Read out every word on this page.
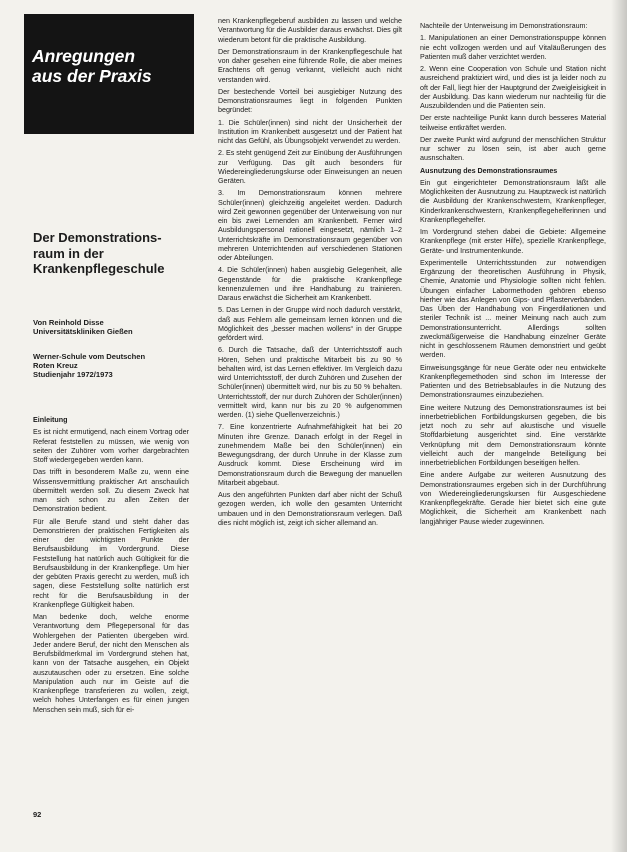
Anregungen
aus der Praxis
Der Demonstrations-
raum in der
Krankenpflegeschule
Von Reinhold Disse
Universitätskliniken Gießen
Werner-Schule vom Deutschen
Roten Kreuz
Studienjahr 1972/1973

Einleitung

Es ist nicht ermutigend, nach einem Vortrag oder Referat feststellen zu müssen, wie wenig von seiten der Zuhörer vom vorher dargebrachten Stoff wiedergegeben werden kann.

Das trifft in besonderem Maße zu, wenn eine Wissensvermittlung praktischer Art anschaulich übermittelt werden soll. Zu diesem Zweck hat man sich schon zu allen Zeiten der Demonstration bedient.

Für alle Berufe stand und steht daher das Demonstrieren der praktischen Fertigkeiten als einer der wichtigsten Punkte der Berufsausbildung im Vordergrund. Diese Feststellung hat natürlich auch Gültigkeit für die Berufsausbildung in der Krankenpflege. Um hier der gebüten Praxis gerecht zu werden, muß ich sagen, diese Feststellung sollte natürlich erst recht für die Berufsausbildung in der Krankenpflege Gültigkeit haben.

Man bedenke doch, welche enorme Verantwortung dem Pflegepersonal für das Wohlergehen der Patienten übergeben wird. Jeder andere Beruf, der nicht den Menschen als Berufsbildmerkmal im Vordergrund stehen hat, kann von der Tatsache ausgehen, ein Objekt auszutauschen oder zu ersetzen. Eine solche Manipulation auch nur im Geiste auf die Krankenpflege transferieren zu wollen, zeigt, welch hohes Unterfangen es für einen jungen Menschen sein muß, sich für ei-

nen Krankenpflegeberuf ausbilden zu lassen und welche Verantwortung für die Ausbilder daraus erwächst. Dies gilt wiederum betont für die praktische Ausbildung.

Der Demonstrationsraum in der Krankenpflegeschule hat von daher gesehen eine führende Rolle, die aber meines Erachtens oft genug verkannt, vielleicht auch nicht verstanden wird.

Der bestechende Vorteil bei ausgiebiger Nutzung des Demonstrationsraumes liegt in folgenden Punkten begründet:

1. Die Schüler(innen) sind nicht der Unsicherheit der Institution im Krankenbett ausgesetzt und der Patient hat nicht das Gefühl, als Übungsobjekt verwendet zu werden.

2. Es steht genügend Zeit zur Einübung der Ausführungen zur Verfügung. Das gilt auch besonders für Wiedereingliederungskurse oder Einweisungen an neuen Geräten.

3. Im Demonstrationsraum können mehrere Schüler(innen) gleichzeitig angeleitet werden. Dadurch wird Zeit gewonnen gegenüber der Unterweisung von nur ein bis zwei Lernenden am Krankenbett. Ferner wird Ausbildungspersonal rationell eingesetzt, nämlich 1–2 Unterrichtskräfte im Demonstrationsraum gegenüber von mehreren Unterrichtenden auf verschiedenen Stationen oder Abteilungen.

4. Die Schüler(innen) haben ausgiebig Gelegenheit, alle Gegenstände für die praktische Krankenpflege kennenzulernen und ihre Handhabung zu trainieren. Daraus erwächst die Sicherheit am Krankenbett.

5. Das Lernen in der Gruppe wird noch dadurch verstärkt, daß aus Fehlern alle gemeinsam lernen können und die Möglichkeit des „besser machen wollens“ in der Gruppe gefördert wird.

6. Durch die Tatsache, daß der Unterrichtsstoff auch Hören, Sehen und praktische Mitarbeit bis zu 90 % behalten wird, ist das Lernen effektiver. Im Vergleich dazu wird Unterrichtsstoff, der durch Zuhören und Zusehen der Schüler(innen) übermittelt wird, nur bis zu 50 % behalten. Unterrichtsstoff, der nur durch Zuhören der Schüler(innen) vermittelt wird, kann nur bis zu 20 % aufgenommen werden. (1) siehe Quellenverzeichnis.)

7. Eine konzentrierte Aufnahmefähigkeit hat bei 20 Minuten ihre Grenze. Danach erfolgt in der Regel in zunehmendem Maße bei den Schüler(innen) ein Bewegungsdrang, der durch Unruhe in der Klasse zum Ausdruck kommt. Diese Erscheinung wird im Demonstrationsraum durch die Bewegung der manuellen Mitarbeit abgebaut.

Aus den angeführten Punkten darf aber nicht der Schuß gezogen werden, ich wolle den gesamten Unterricht umbauen und in den Demonstrationsraum verlegen. Daß dies nicht möglich ist, zeigt ich sicher allemand an.

Nachteile der Unterweisung im Demonstrationsraum:

1. Manipulationen an einer Demonstrationspuppe können nie echt vollzogen werden und auf Vitaläußerungen des Patienten muß daher verzichtet werden.

2. Wenn eine Cooperation von Schule und Station nicht ausreichend praktiziert wird, und dies ist ja leider noch zu oft der Fall, liegt hier der Hauptgrund der Zweigleisigkeit in der Ausbildung. Das kann wiederum nur nachteilig für die Auszubildenden und die Patienten sein.

Der erste nachteilige Punkt kann durch besseres Material teilweise entkräftet werden.

Der zweite Punkt wird aufgrund der menschlichen Struktur nur schwer zu lösen sein, ist aber auch gerne ausnschalten.

Ausnutzung des Demonstrationsraumes

Ein gut eingerichteter Demonstrationsraum läßt alle Möglichkeiten der Ausnutzung zu. Hauptzweck ist natürlich die Ausbildung der Krankenschwestern, Krankenpfleger, Kinderkrankenschwestern, Krankenpflegehelferinnen und Krankenpflegehelfer.

Im Vordergrund stehen dabei die Gebiete: Allgemeine Krankenpflege (mit erster Hilfe), spezielle Krankenpflege, Geräte- und Instrumentenkunde.

Experimentelle Unterrichtsstunden zur notwendigen Ergänzung der theoretischen Ausführung in Physik, Chemie, Anatomie und Physiologie sollten nicht fehlen. Übungen einfacher Labormethoden gehören ebenso hierher wie das Anlegen von Gips- und Pflasterverbänden. Das Üben der Handhabung von Fingerdilationen und steriler Technik ist ... meiner Meinung nach auch zum Demonstrationsunterricht. Allerdings sollten zweckmäßigerweise die Handhabung einzelner Geräte nicht in geschlossenem Räumen demonstriert und geübt werden.

Einweisungsgänge für neue Geräte oder neu entwickelte Krankenpflegemethoden sind schon im Interesse der Patienten und des Betriebsablaufes in die Nutzung des Demonstrationsraumes einzubeziehen.

Eine weitere Nutzung des Demonstrationsraumes ist bei innerbetrieblichen Fortbildungskursen gegeben, die bis jetzt noch zu sehr auf akustische und visuelle Stoffdarbietung ausgerichtet sind. Eine verstärkte Verknüpfung mit dem Demonstrationsraum könnte vielleicht auch der mangelnde Beteiligung bei innerbetrieblichen Fortbildungen beseitigen helfen.

Eine andere Aufgabe zur weiteren Ausnutzung des Demonstrationsraumes ergeben sich in der Durchführung von Wiedereingliederungskursen für Ausgeschiedene Krankenpflegekräfte. Gerade hier bietet sich eine gute Möglichkeit, die Sicherheit am Krankenbett nach langjähriger Pause wieder zugewinnen.

92
